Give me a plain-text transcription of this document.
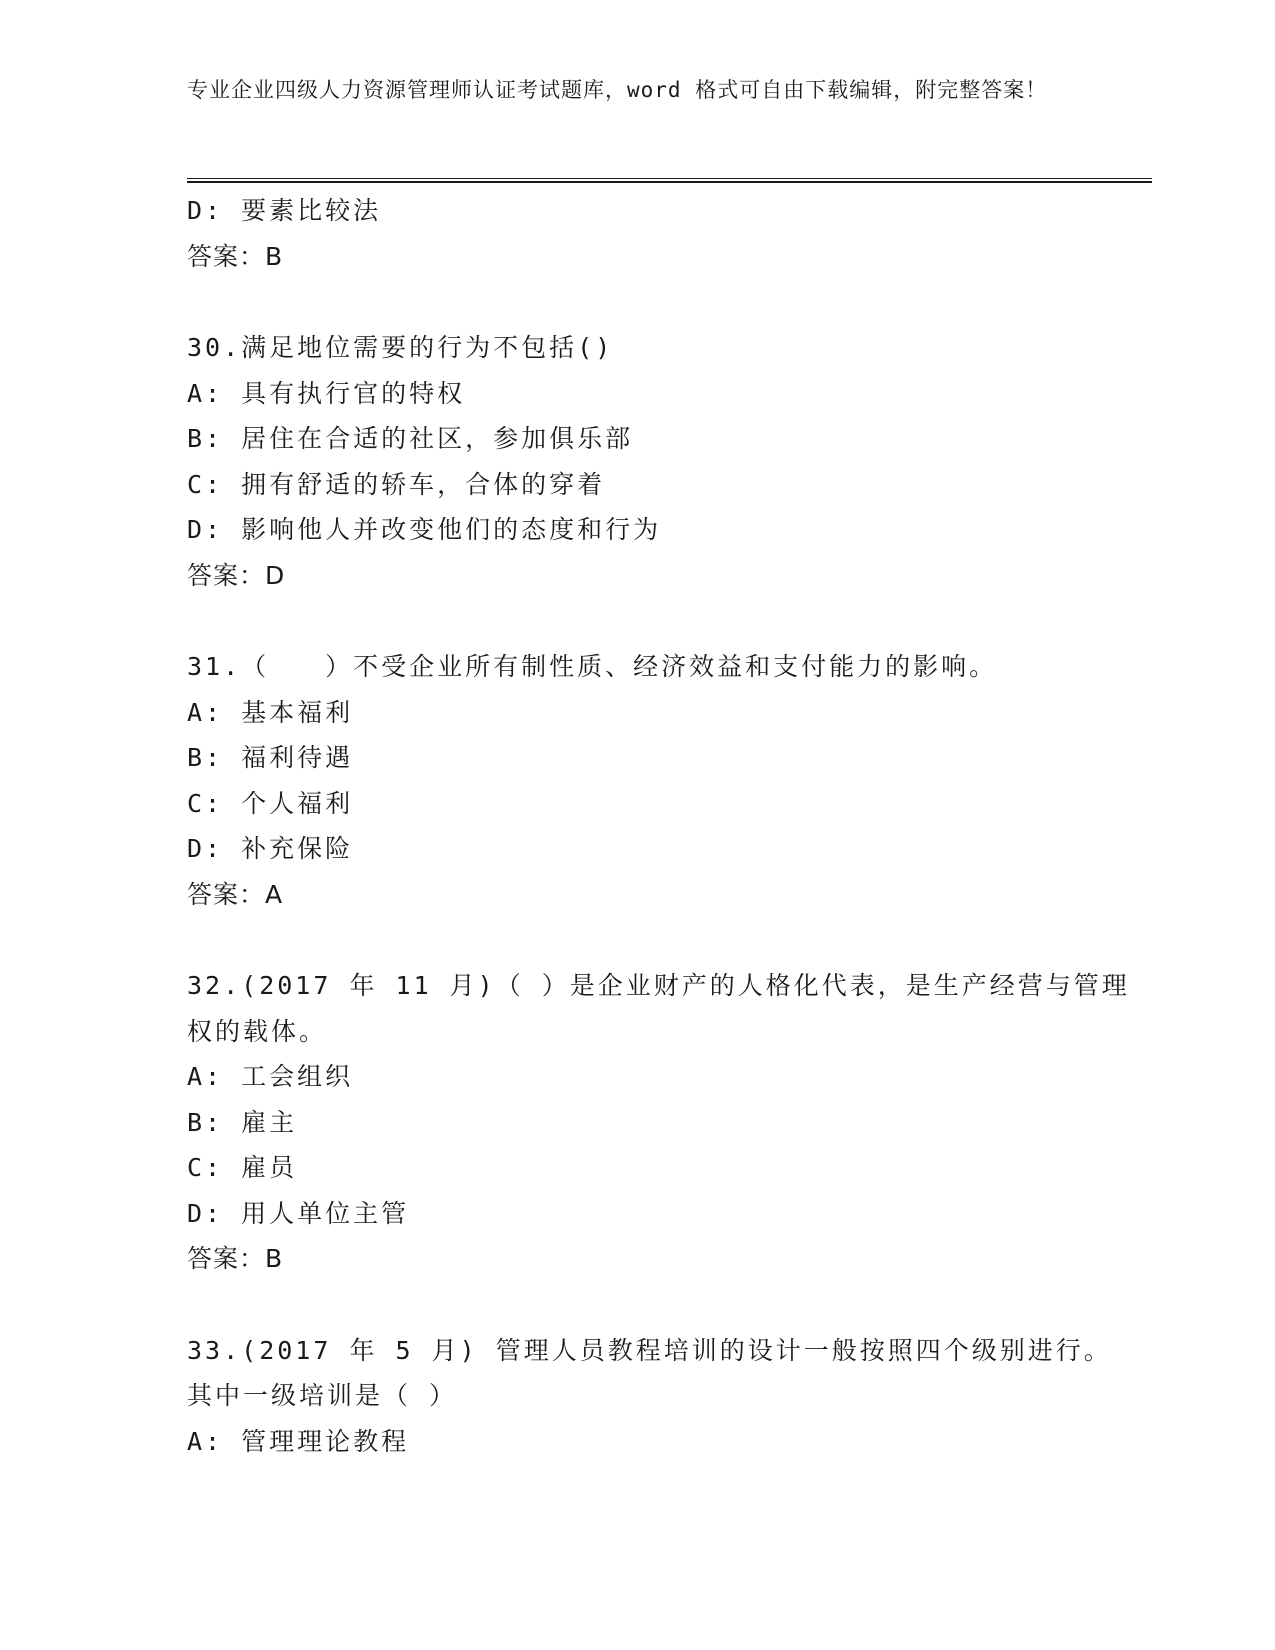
专业企业四级人力资源管理师认证考试题库，word 格式可自由下载编辑，附完整答案！
D: 要素比较法
答案：B
30.满足地位需要的行为不包括()
A: 具有执行官的特权
B: 居住在合适的社区，参加俱乐部
C: 拥有舒适的轿车，合体的穿着
D: 影响他人并改变他们的态度和行为
答案：D
31.（　　）不受企业所有制性质、经济效益和支付能力的影响。
A: 基本福利
B: 福利待遇
C: 个人福利
D: 补充保险
答案：A
32.(2017 年 11 月)（ ）是企业财产的人格化代表，是生产经营与管理
权的载体。
A: 工会组织
B: 雇主
C: 雇员
D: 用人单位主管
答案：B
33.(2017 年 5 月) 管理人员教程培训的设计一般按照四个级别进行。
其中一级培训是（ ）
A: 管理理论教程
